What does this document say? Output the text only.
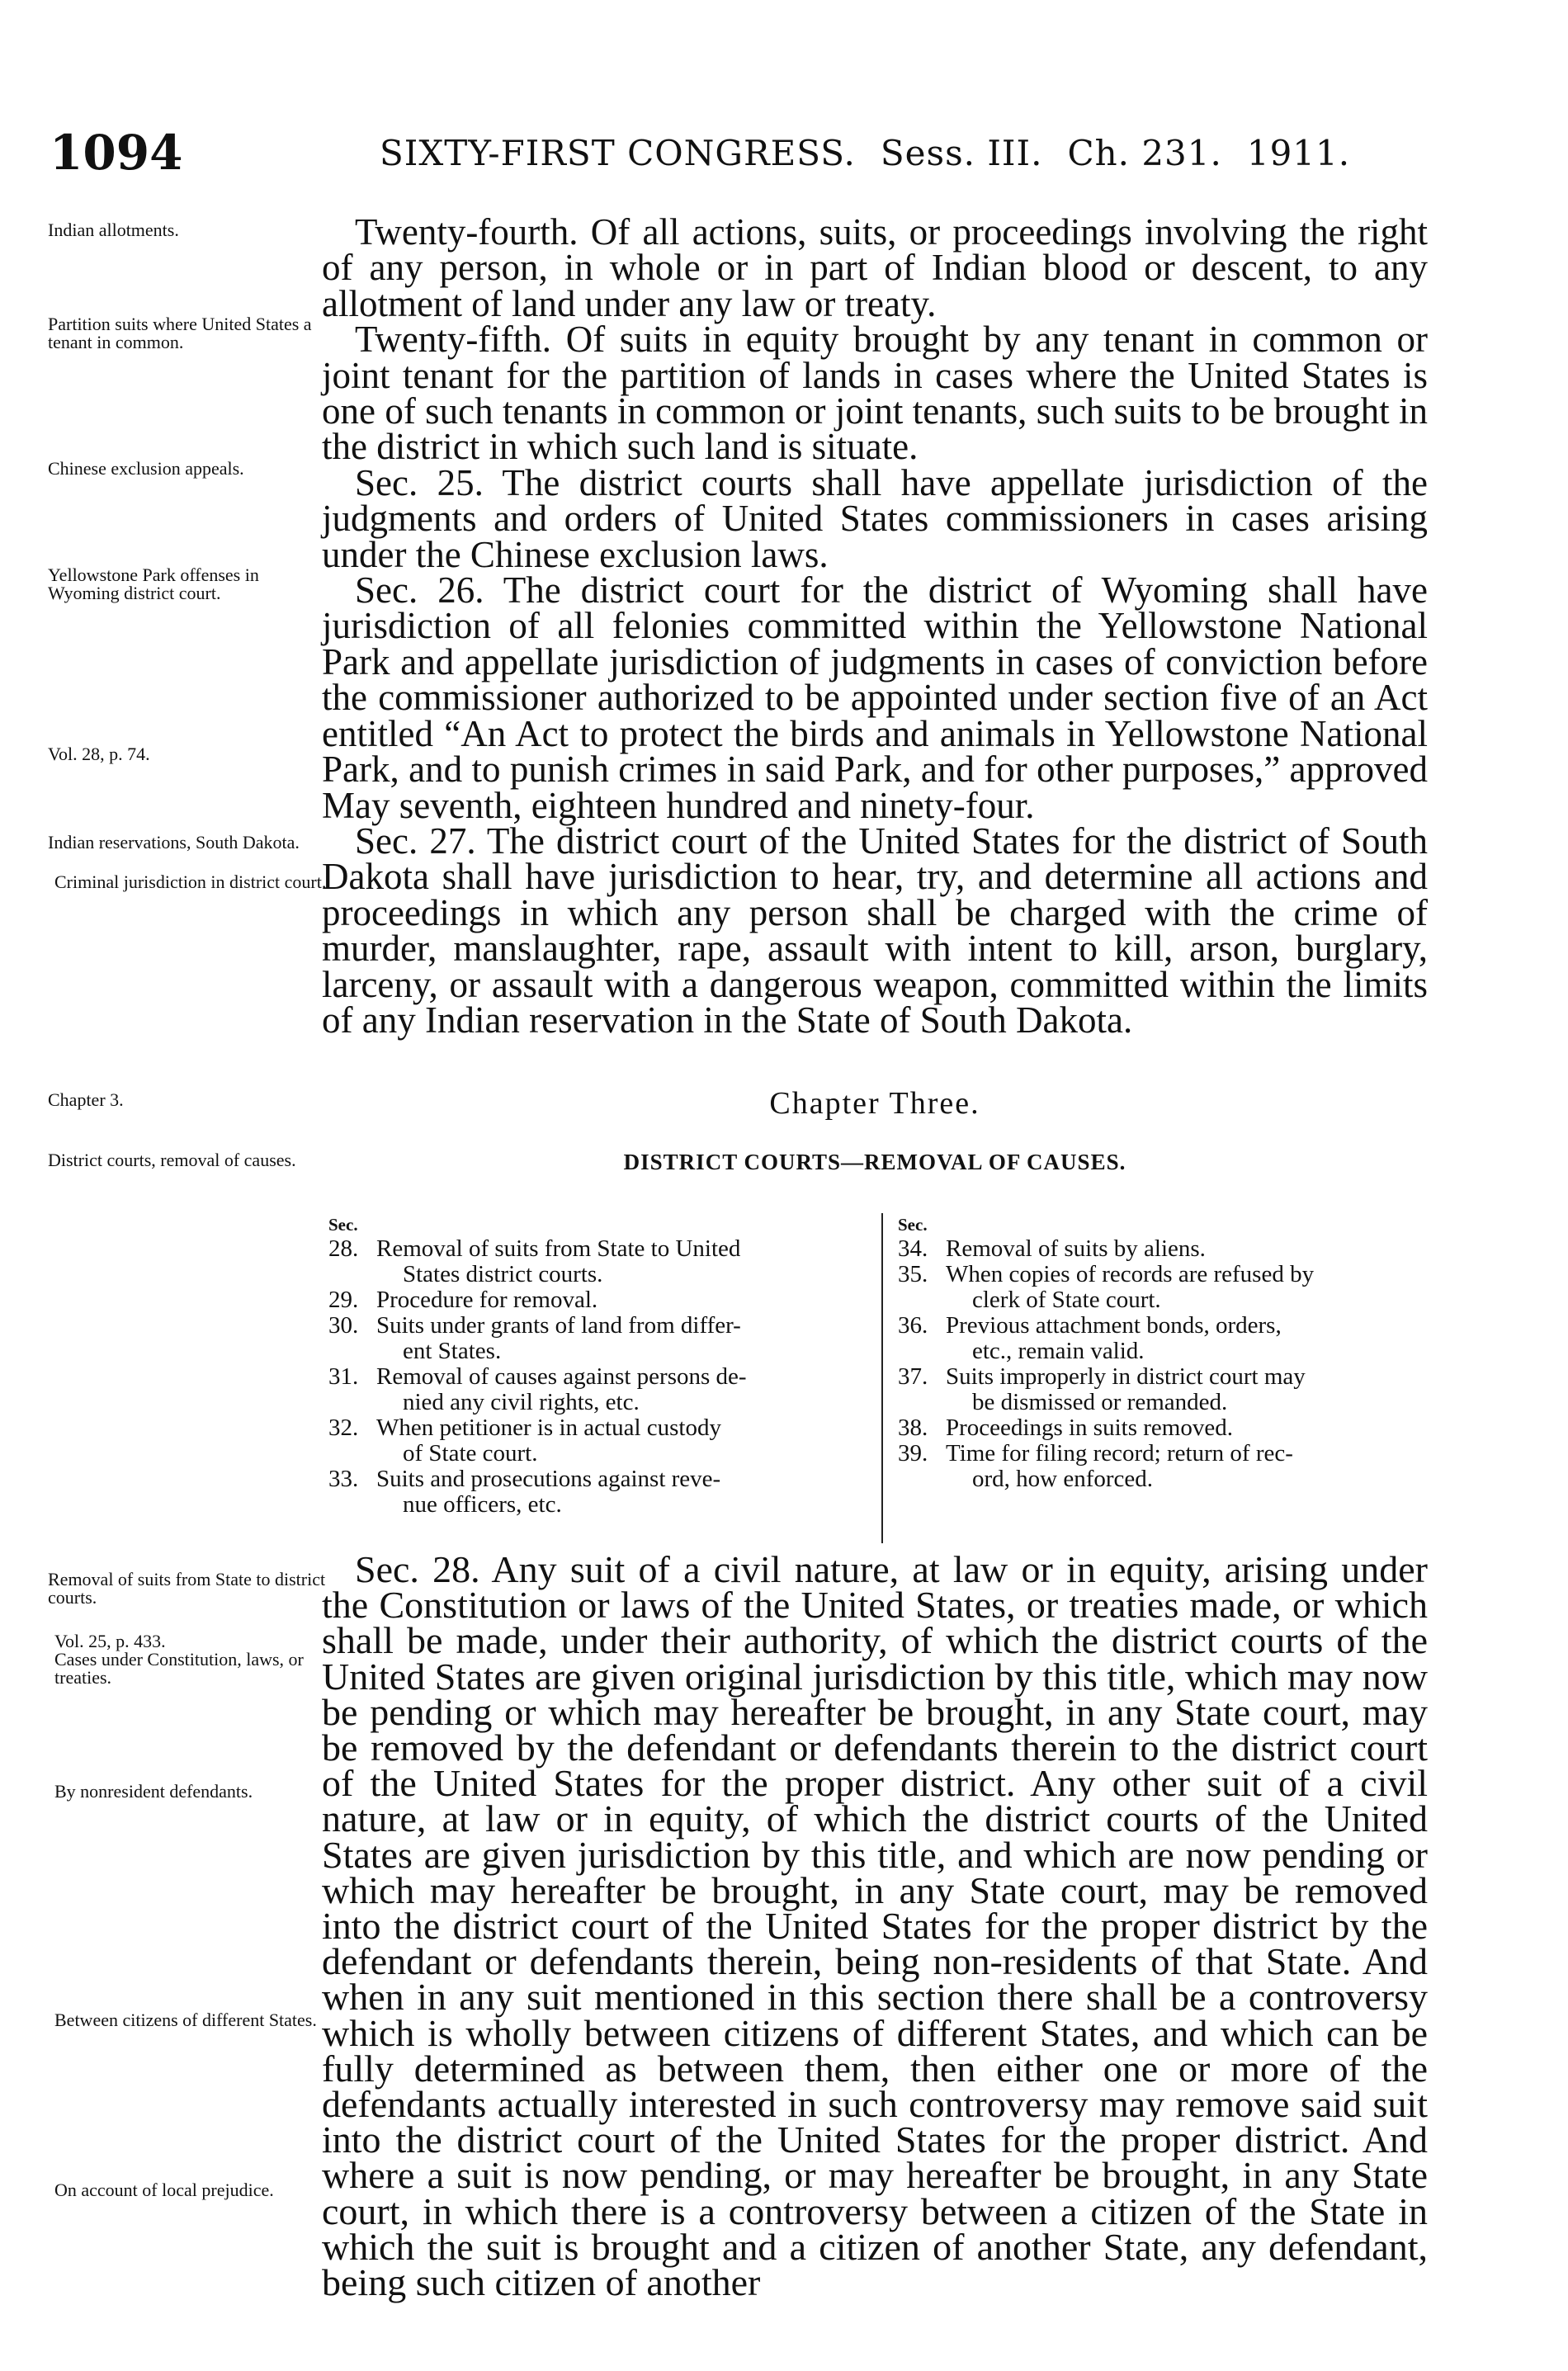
1094	SIXTY-FIRST CONGRESS. Sess. III. Ch. 231. 1911.
Indian allotments.
Partition suits where United States a tenant in common.
Chinese exclusion appeals.
Yellowstone Park offenses in Wyoming district court.
Vol. 28, p. 74.
Indian reservations, South Dakota.
Criminal jurisdiction in district court.
Chapter 3.
District courts, removal of causes.
Removal of suits from State to district courts.
Vol. 25, p. 433.
Cases under Constitution, laws, or treaties.
By nonresident defendants.
Between citizens of different States.
On account of local prejudice.

Twenty-fourth. Of all actions, suits, or proceedings involving the right of any person, in whole or in part of Indian blood or descent, to any allotment of land under any law or treaty.

Twenty-fifth. Of suits in equity brought by any tenant in common or joint tenant for the partition of lands in cases where the United States is one of such tenants in common or joint tenants, such suits to be brought in the district in which such land is situate.

Sec. 25. The district courts shall have appellate jurisdiction of the judgments and orders of United States commissioners in cases arising under the Chinese exclusion laws.

Sec. 26. The district court for the district of Wyoming shall have jurisdiction of all felonies committed within the Yellowstone National Park and appellate jurisdiction of judgments in cases of conviction before the commissioner authorized to be appointed under section five of an Act entitled “An Act to protect the birds and animals in Yellowstone National Park, and to punish crimes in said Park, and for other purposes,” approved May seventh, eighteen hundred and ninety-four.

Sec. 27. The district court of the United States for the district of South Dakota shall have jurisdiction to hear, try, and determine all actions and proceedings in which any person shall be charged with the crime of murder, manslaughter, rape, assault with intent to kill, arson, burglary, larceny, or assault with a dangerous weapon, committed within the limits of any Indian reservation in the State of South Dakota.

Chapter Three.
DISTRICT COURTS—REMOVAL OF CAUSES.
Sec.
28. Removal of suits from State to United
States district courts.
29. Procedure for removal.
30. Suits under grants of land from differ-
ent States.
31. Removal of causes against persons de-
nied any civil rights, etc.
32. When petitioner is in actual custody
of State court.
33. Suits and prosecutions against reve-
nue officers, etc.
Sec.
34. Removal of suits by aliens.
35. When copies of records are refused by
clerk of State court.
36. Previous attachment bonds, orders,
etc., remain valid.
37. Suits improperly in district court may
be dismissed or remanded.
38. Proceedings in suits removed.
39. Time for filing record; return of rec-
ord, how enforced.

Sec. 28. Any suit of a civil nature, at law or in equity, arising under the Constitution or laws of the United States, or treaties made, or which shall be made, under their authority, of which the district courts of the United States are given original jurisdiction by this title, which may now be pending or which may hereafter be brought, in any State court, may be removed by the defendant or defendants therein to the district court of the United States for the proper district. Any other suit of a civil nature, at law or in equity, of which the district courts of the United States are given jurisdiction by this title, and which are now pending or which may hereafter be brought, in any State court, may be removed into the district court of the United States for the proper district by the defendant or defendants therein, being non-residents of that State. And when in any suit mentioned in this section there shall be a controversy which is wholly between citizens of different States, and which can be fully determined as between them, then either one or more of the defendants actually interested in such controversy may remove said suit into the district court of the United States for the proper district. And where a suit is now pending, or may hereafter be brought, in any State court, in which there is a controversy between a citizen of the State in which the suit is brought and a citizen of another State, any defendant, being such citizen of another
